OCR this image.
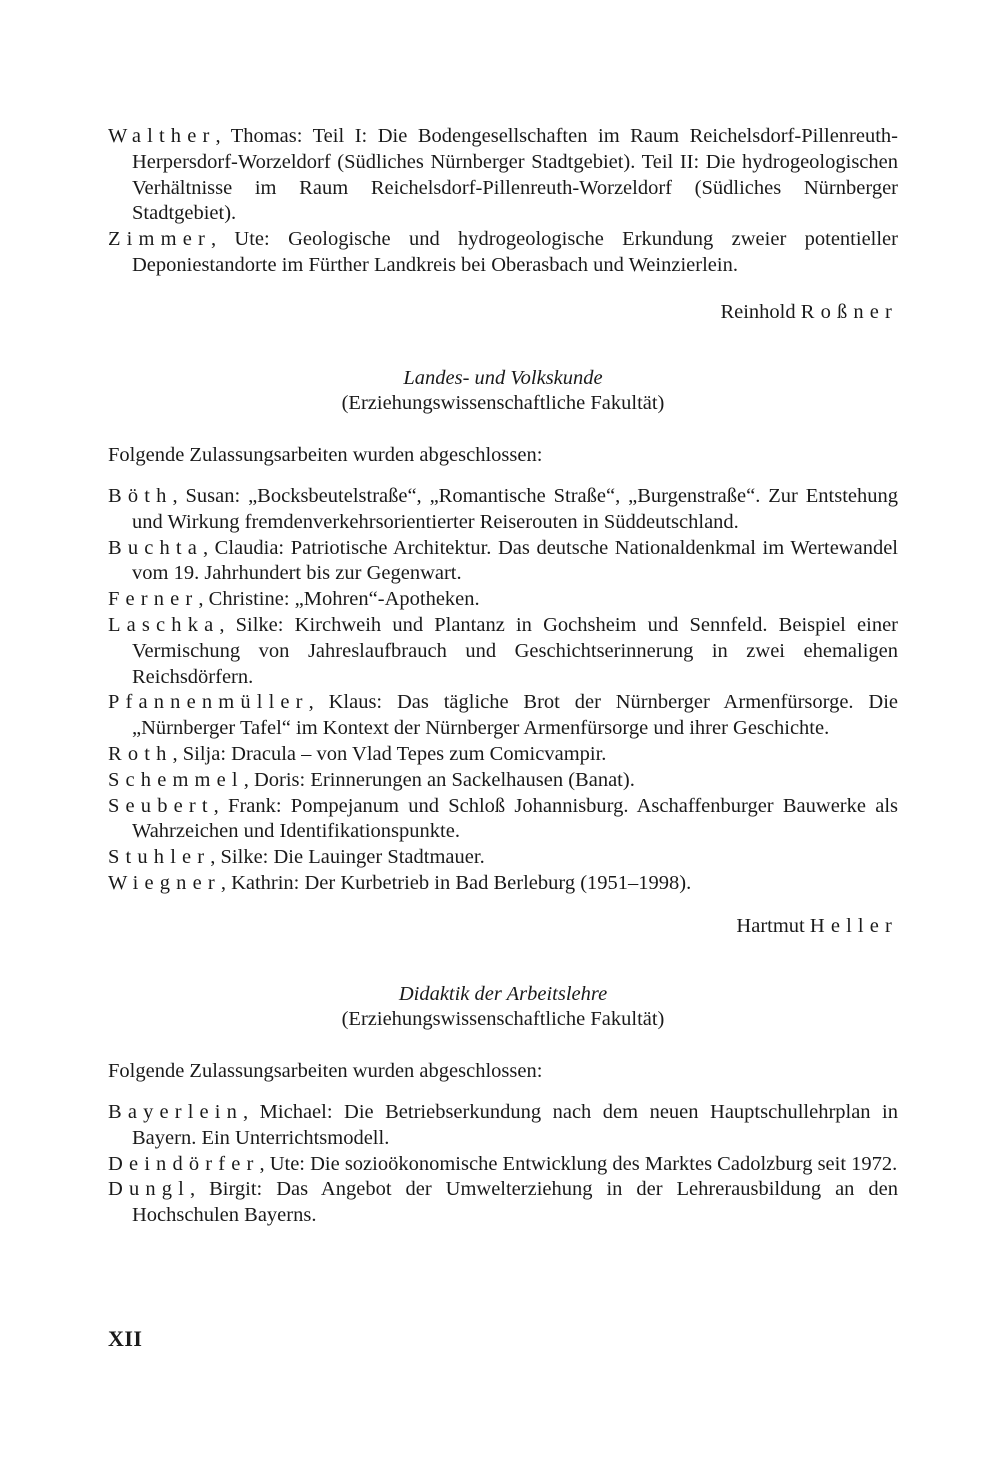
Walther, Thomas: Teil I: Die Bodengesellschaften im Raum Reichelsdorf-Pillenreuth-Herpersdorf-Worzeldorf (Südliches Nürnberger Stadtgebiet). Teil II: Die hydrogeologischen Verhältnisse im Raum Reichelsdorf-Pillenreuth-Worzeldorf (Südliches Nürnberger Stadtgebiet).

Zimmer, Ute: Geologische und hydrogeologische Erkundung zweier potentieller Deponiestandorte im Fürther Landkreis bei Oberasbach und Weinzierlein.

Reinhold Roßner

Landes- und Volkskunde

(Erziehungswissenschaftliche Fakultät)

Folgende Zulassungsarbeiten wurden abgeschlossen:

Böth, Susan: „Bocksbeutelstraße“, „Romantische Straße“, „Burgenstraße“. Zur Entstehung und Wirkung fremdenverkehrsorientierter Reiserouten in Süddeutschland.

Buchta, Claudia: Patriotische Architektur. Das deutsche Nationaldenkmal im Wertewandel vom 19. Jahrhundert bis zur Gegenwart.

Ferner, Christine: „Mohren“-Apotheken.

Laschka, Silke: Kirchweih und Plantanz in Gochsheim und Sennfeld. Beispiel einer Vermischung von Jahreslaufbrauch und Geschichtserinnerung in zwei ehemaligen Reichsdörfern.

Pfannenmüller, Klaus: Das tägliche Brot der Nürnberger Armenfürsorge. Die „Nürnberger Tafel“ im Kontext der Nürnberger Armenfürsorge und ihrer Geschichte.

Roth, Silja: Dracula – von Vlad Tepes zum Comicvampir.

Schemmel, Doris: Erinnerungen an Sackelhausen (Banat).

Seubert, Frank: Pompejanum und Schloß Johannisburg. Aschaffenburger Bauwerke als Wahrzeichen und Identifikationspunkte.

Stuhler, Silke: Die Lauinger Stadtmauer.

Wiegner, Kathrin: Der Kurbetrieb in Bad Berleburg (1951–1998).

Hartmut Heller

Didaktik der Arbeitslehre

(Erziehungswissenschaftliche Fakultät)

Folgende Zulassungsarbeiten wurden abgeschlossen:

Bayerlein, Michael: Die Betriebserkundung nach dem neuen Hauptschullehrplan in Bayern. Ein Unterrichtsmodell.

Deindörfer, Ute: Die sozioökonomische Entwicklung des Marktes Cadolzburg seit 1972.

Dungl, Birgit: Das Angebot der Umwelterziehung in der Lehrerausbildung an den Hochschulen Bayerns.

XII
